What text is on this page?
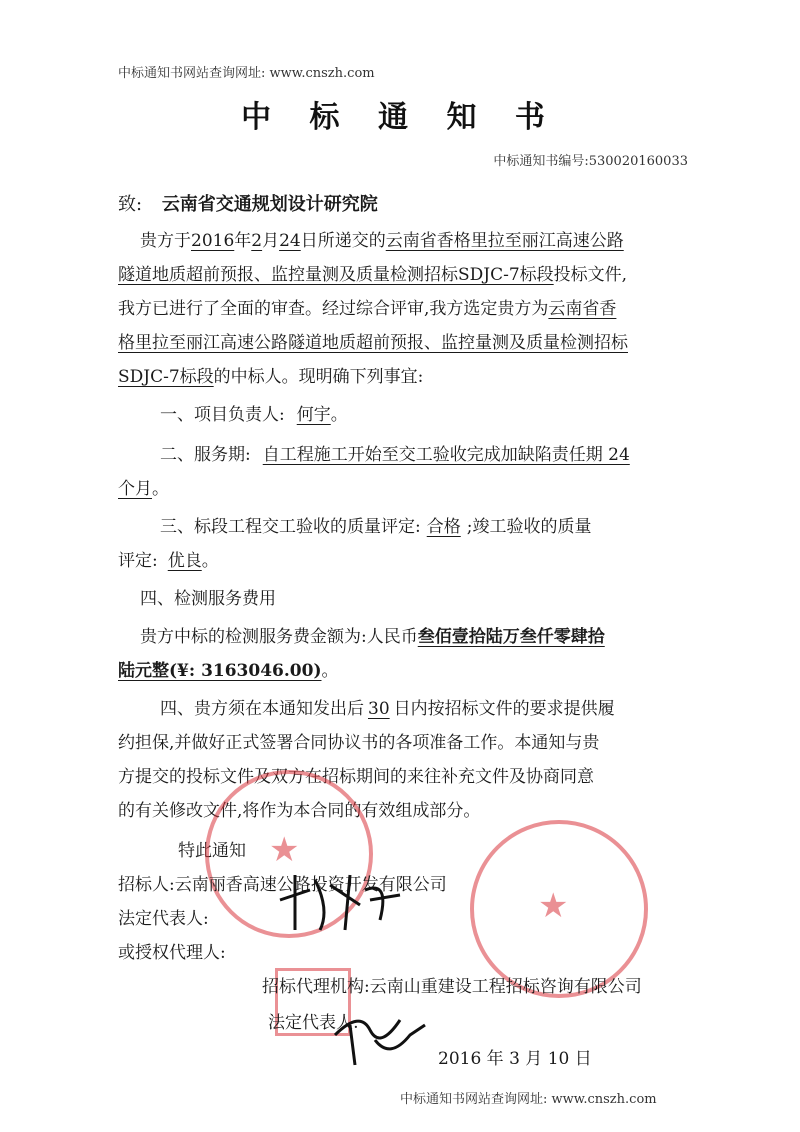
中标通知书网站查询网址: www.cnszh.com
中 标 通 知 书
中标通知书编号:530020160033
致: 云南省交通规划设计研究院
贵方于2016年2月24日所递交的云南省香格里拉至丽江高速公路
隧道地质超前预报、监控量测及质量检测招标SDJC-7标段投标文件,
我方已进行了全面的审查。经过综合评审,我方选定贵方为云南省香
格里拉至丽江高速公路隧道地质超前预报、监控量测及质量检测招标
SDJC-7标段的中标人。现明确下列事宜:
一、项目负责人: 何宇。
二、服务期: 自工程施工开始至交工验收完成加缺陷责任期 24
个月。
三、标段工程交工验收的质量评定: 合格 ;竣工验收的质量
评定: 优良。
四、检测服务费用
贵方中标的检测服务费金额为:人民币叁佰壹拾陆万叁仟零肆拾
陆元整(¥: 3163046.00)。
四、贵方须在本通知发出后 30 日内按招标文件的要求提供履
约担保,并做好正式签署合同协议书的各项准备工作。本通知与贵
方提交的投标文件及双方在招标期间的来往补充文件及协商同意
的有关修改文件,将作为本合同的有效组成部分。
特此通知 ★
★
招标人:云南丽香高速公路投资开发有限公司
法定代表人:
或授权代理人:
招标代理机构:云南山重建设工程招标咨询有限公司
法定代表人:
2016 年 3 月 10 日
中标通知书网站查询网址: www.cnszh.com
